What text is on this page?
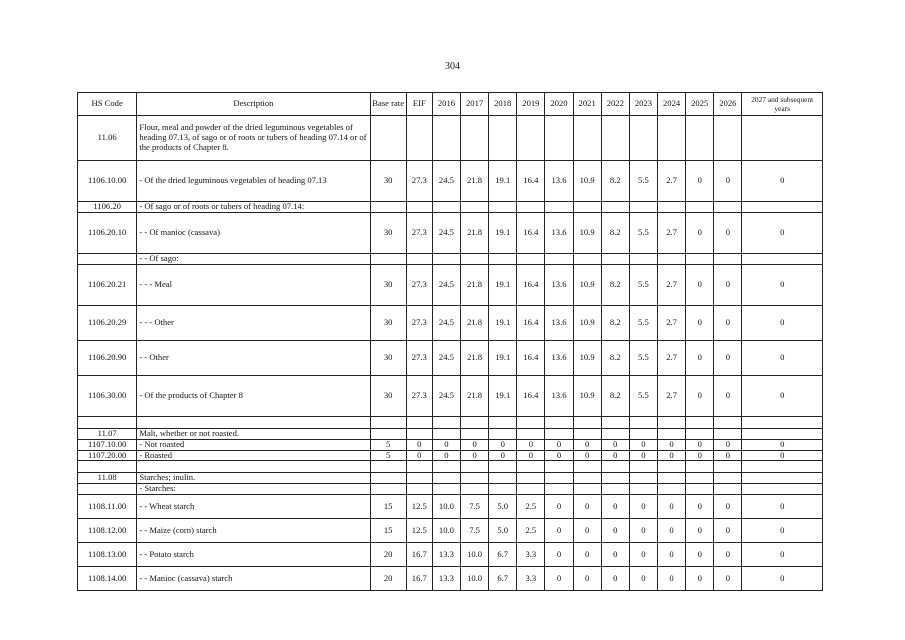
304
HS Code	Description	Base rate	EIF	2016	2017	2018	2019	2020	2021	2022	2023	2024	2025	2026	2027 and subsequent years
11.06	Flour, meal and powder of the dried leguminous vegetables of heading 07.13, of sago or of roots or tubers of heading 07.14 or of the products of Chapter 8.														
1106.10.00	- Of the dried leguminous vegetables of heading 07.13	30	27.3	24.5	21.8	19.1	16.4	13.6	10.9	8.2	5.5	2.7	0	0	0
1106.20	- Of sago or of roots or tubers of heading 07.14:														
1106.20.10	- - Of manioc (cassava)	30	27.3	24.5	21.8	19.1	16.4	13.6	10.9	8.2	5.5	2.7	0	0	0
	- - Of sago:														
1106.20.21	- - - Meal	30	27.3	24.5	21.8	19.1	16.4	13.6	10.9	8.2	5.5	2.7	0	0	0
1106.20.29	- - - Other	30	27.3	24.5	21.8	19.1	16.4	13.6	10.9	8.2	5.5	2.7	0	0	0
1106.20.90	- - Other	30	27.3	24.5	21.8	19.1	16.4	13.6	10.9	8.2	5.5	2.7	0	0	0
1106.30.00	- Of the products of Chapter 8	30	27.3	24.5	21.8	19.1	16.4	13.6	10.9	8.2	5.5	2.7	0	0	0

11.07	Malt, whether or not roasted.														
1107.10.00	- Not roasted	5	0	0	0	0	0	0	0	0	0	0	0	0	0
1107.20.00	- Roasted	5	0	0	0	0	0	0	0	0	0	0	0	0	0

11.08	Starches; inulin.														
	- Starches:														
1108.11.00	- - Wheat starch	15	12.5	10.0	7.5	5.0	2.5	0	0	0	0	0	0	0	0
1108.12.00	- - Maize (corn) starch	15	12.5	10.0	7.5	5.0	2.5	0	0	0	0	0	0	0	0
1108.13.00	- - Potato starch	20	16.7	13.3	10.0	6.7	3.3	0	0	0	0	0	0	0	0
1108.14.00	- - Manioc (cassava) starch	20	16.7	13.3	10.0	6.7	3.3	0	0	0	0	0	0	0	0
